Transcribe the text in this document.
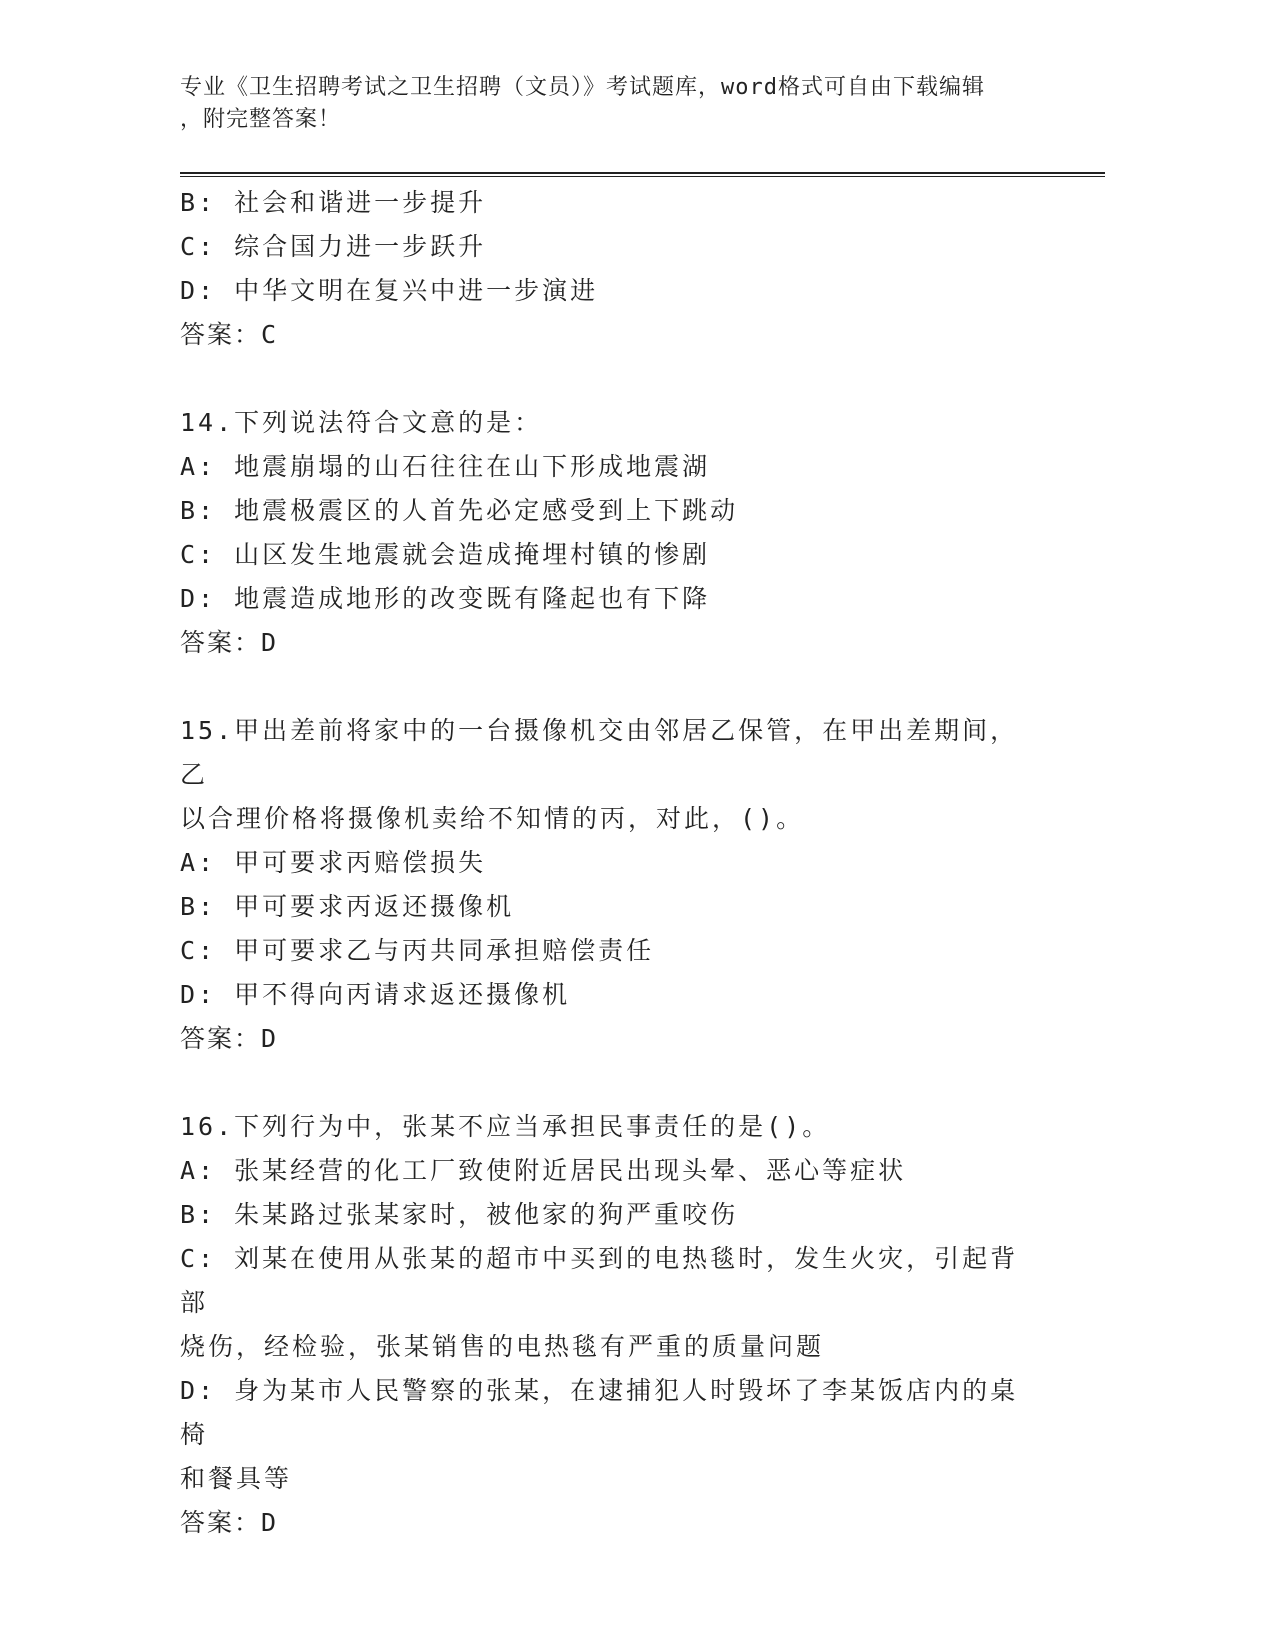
专业《卫生招聘考试之卫生招聘（文员）》考试题库，word格式可自由下载编辑
，附完整答案！
B: 社会和谐进一步提升
C: 综合国力进一步跃升
D: 中华文明在复兴中进一步演进
答案：C
14.下列说法符合文意的是：
A: 地震崩塌的山石往往在山下形成地震湖
B: 地震极震区的人首先必定感受到上下跳动
C: 山区发生地震就会造成掩埋村镇的惨剧
D: 地震造成地形的改变既有隆起也有下降
答案：D
15.甲出差前将家中的一台摄像机交由邻居乙保管，在甲出差期间，乙
以合理价格将摄像机卖给不知情的丙，对此，()。
A: 甲可要求丙赔偿损失
B: 甲可要求丙返还摄像机
C: 甲可要求乙与丙共同承担赔偿责任
D: 甲不得向丙请求返还摄像机
答案：D
16.下列行为中，张某不应当承担民事责任的是()。
A: 张某经营的化工厂致使附近居民出现头晕、恶心等症状
B: 朱某路过张某家时，被他家的狗严重咬伤
C: 刘某在使用从张某的超市中买到的电热毯时，发生火灾，引起背部
烧伤，经检验，张某销售的电热毯有严重的质量问题
D: 身为某市人民警察的张某，在逮捕犯人时毁坏了李某饭店内的桌椅
和餐具等
答案：D
